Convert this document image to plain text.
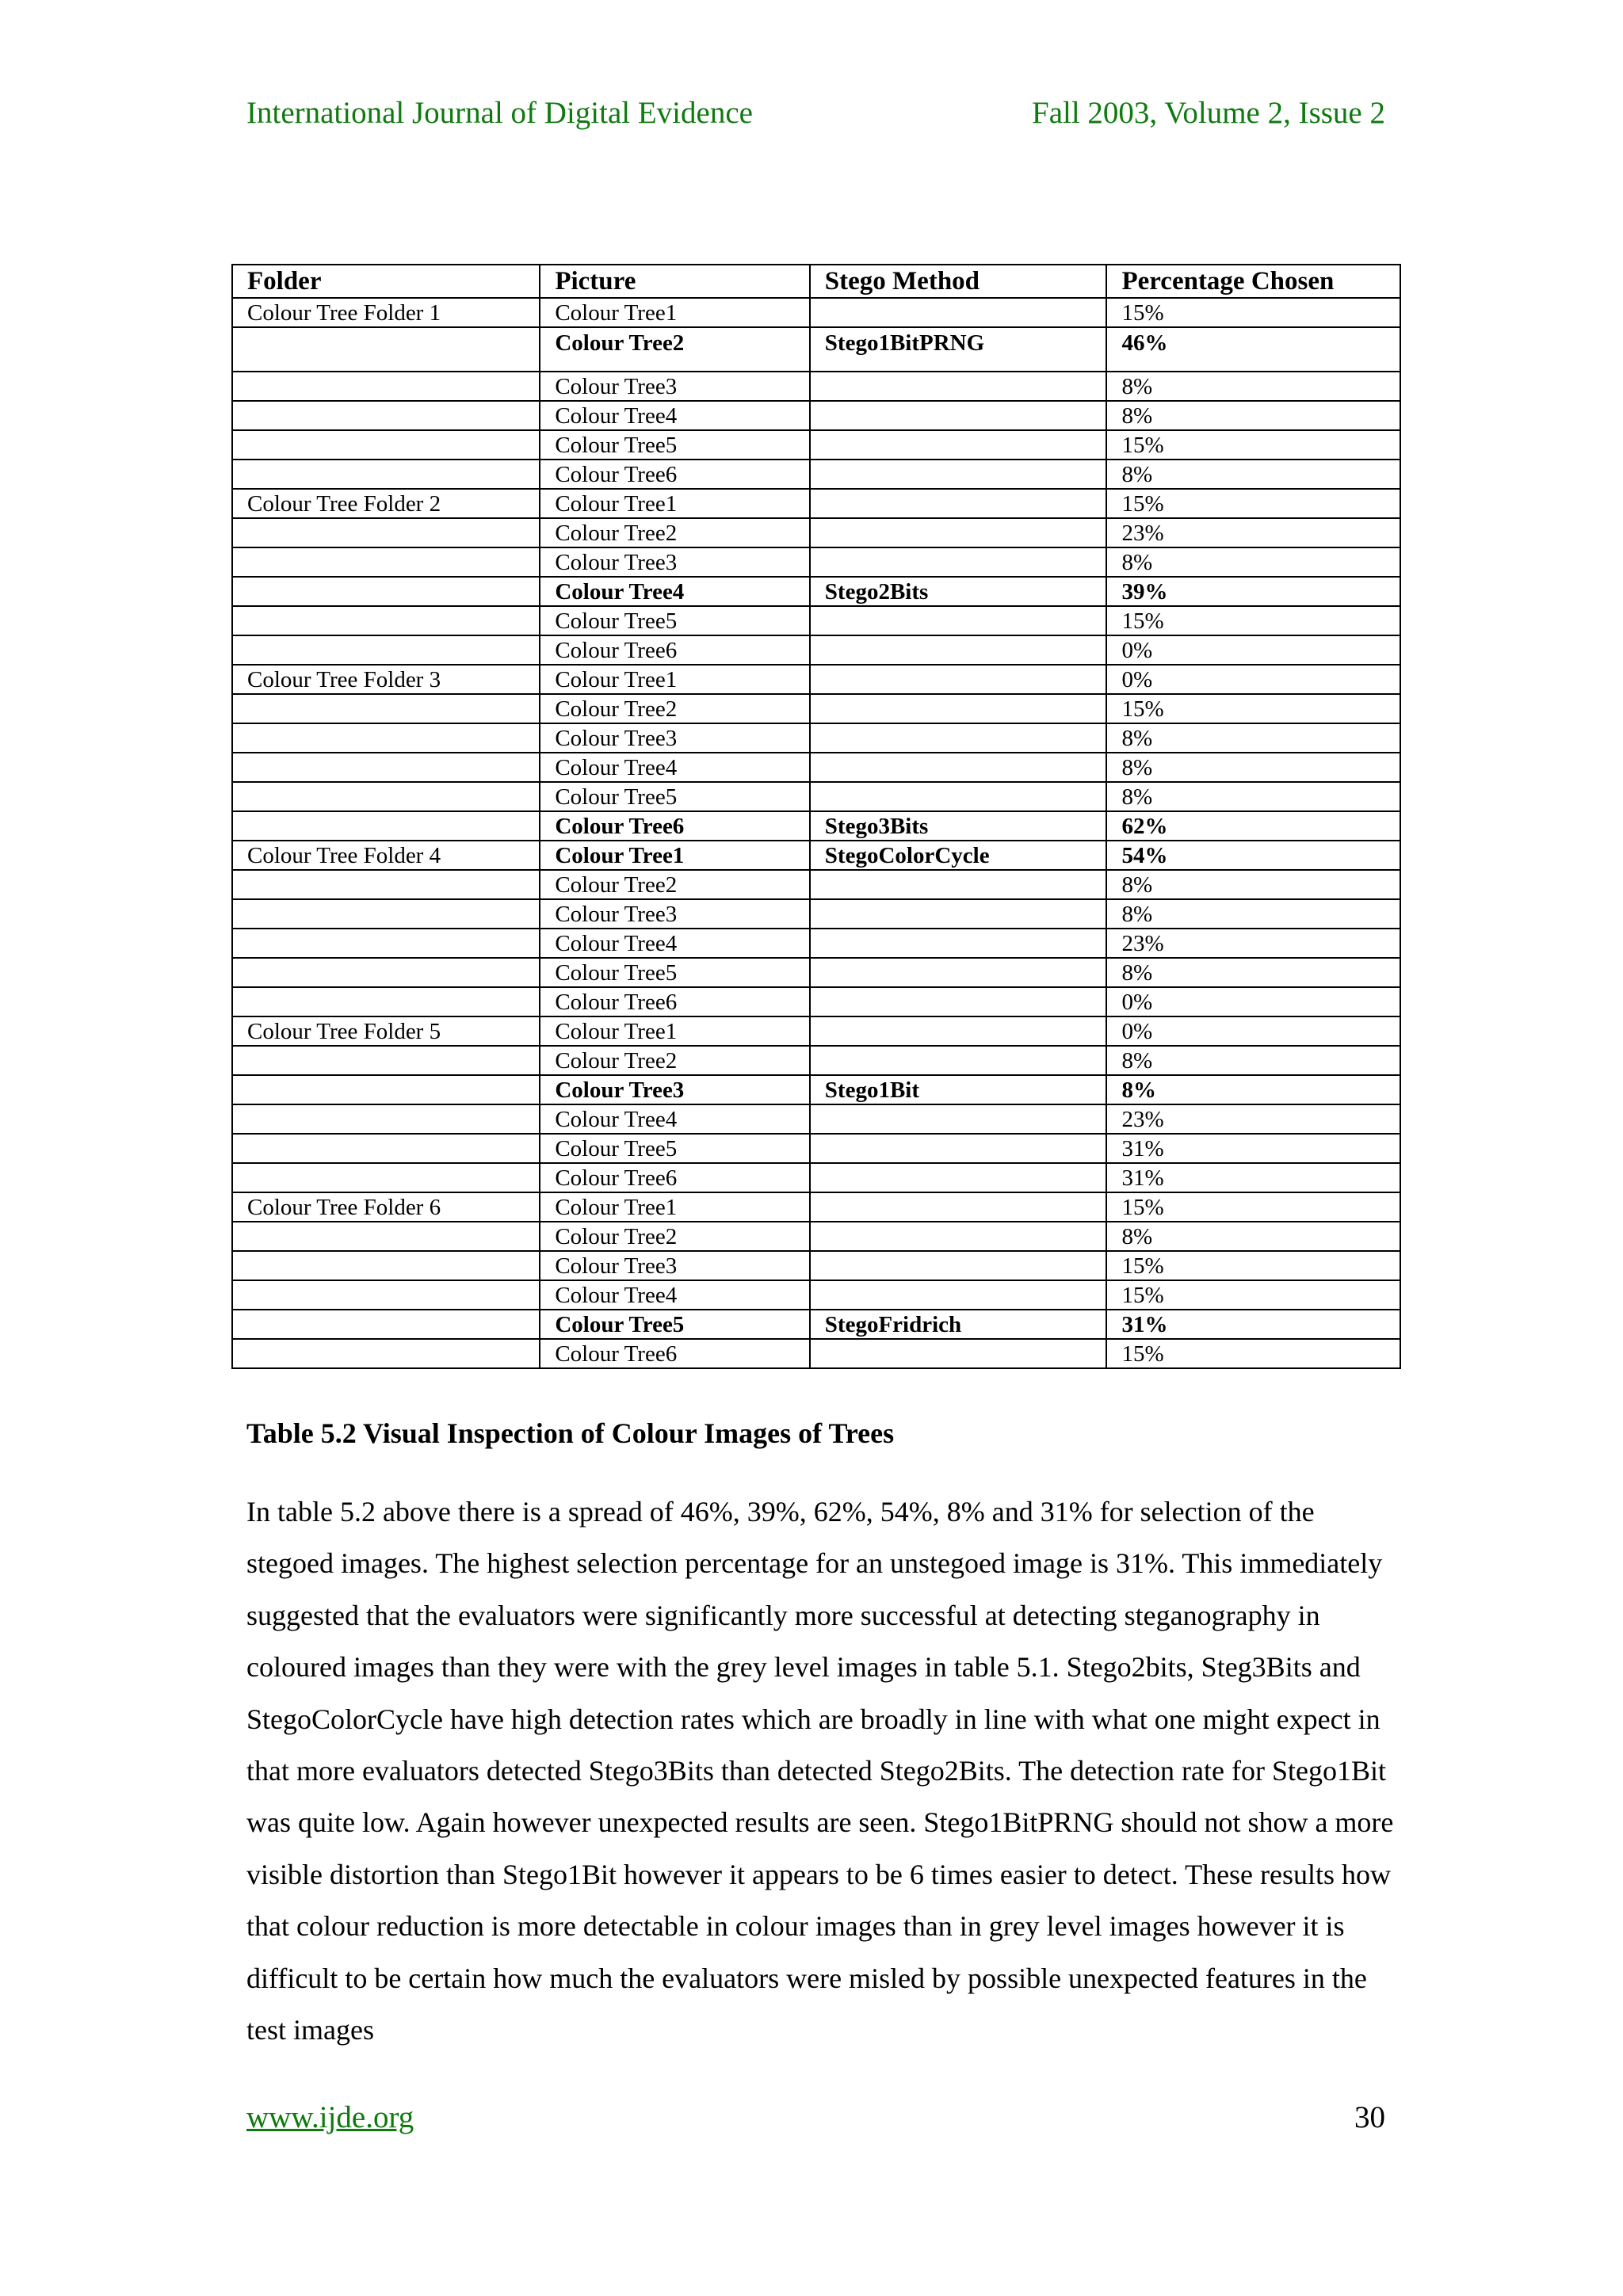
International Journal of Digital Evidence	Fall 2003, Volume 2, Issue 2
Folder	Picture	Stego Method	Percentage Chosen
Colour Tree Folder 1	Colour Tree1		15%
	Colour Tree2	Stego1BitPRNG	46%
	Colour Tree3		8%
	Colour Tree4		8%
	Colour Tree5		15%
	Colour Tree6		8%
Colour Tree Folder 2	Colour Tree1		15%
	Colour Tree2		23%
	Colour Tree3		8%
	Colour Tree4	Stego2Bits	39%
	Colour Tree5		15%
	Colour Tree6		0%
Colour Tree Folder 3	Colour Tree1		0%
	Colour Tree2		15%
	Colour Tree3		8%
	Colour Tree4		8%
	Colour Tree5		8%
	Colour Tree6	Stego3Bits	62%
Colour Tree Folder 4	Colour Tree1	StegoColorCycle	54%
	Colour Tree2		8%
	Colour Tree3		8%
	Colour Tree4		23%
	Colour Tree5		8%
	Colour Tree6		0%
Colour Tree Folder 5	Colour Tree1		0%
	Colour Tree2		8%
	Colour Tree3	Stego1Bit	8%
	Colour Tree4		23%
	Colour Tree5		31%
	Colour Tree6		31%
Colour Tree Folder 6	Colour Tree1		15%
	Colour Tree2		8%
	Colour Tree3		15%
	Colour Tree4		15%
	Colour Tree5	StegoFridrich	31%
	Colour Tree6		15%
Table 5.2 Visual Inspection of Colour Images of Trees

In table 5.2 above there is a spread of 46%, 39%, 62%, 54%, 8% and 31% for selection of the stegoed images. The highest selection percentage for an unstegoed image is 31%. This immediately suggested that the evaluators were significantly more successful at detecting steganography in coloured images than they were with the grey level images in table 5.1. Stego2bits, Steg3Bits and StegoColorCycle have high detection rates which are broadly in line with what one might expect in that more evaluators detected Stego3Bits than detected Stego2Bits. The detection rate for Stego1Bit was quite low. Again however unexpected results are seen. Stego1BitPRNG should not show a more visible distortion than Stego1Bit however it appears to be 6 times easier to detect. These results how that colour reduction is more detectable in colour images than in grey level images however it is difficult to be certain how much the evaluators were misled by possible unexpected features in the test images

www.ijde.org	30
